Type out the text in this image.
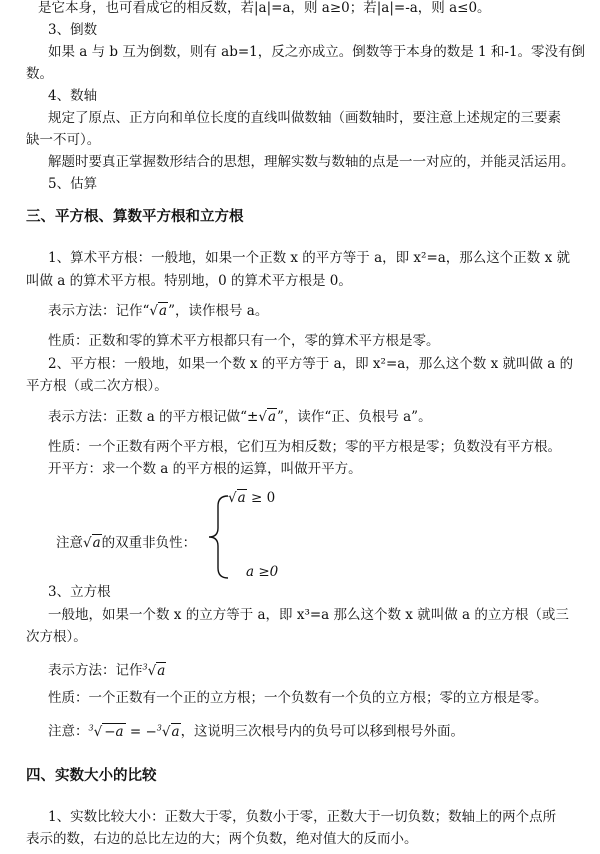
是它本身，也可看成它的相反数，若|a|=a，则 a≥0；若|a|=-a，则 a≤0。
3、倒数
如果 a 与 b 互为倒数，则有 ab=1，反之亦成立。倒数等于本身的数是 1 和-1。零没有倒
数。
4、数轴
规定了原点、正方向和单位长度的直线叫做数轴（画数轴时，要注意上述规定的三要素
缺一不可）。
解题时要真正掌握数形结合的思想，理解实数与数轴的点是一一对应的，并能灵活运用。
5、估算
三、平方根、算数平方根和立方根
1、算术平方根：一般地，如果一个正数 x 的平方等于 a，即 x²=a，那么这个正数 x 就
叫做 a 的算术平方根。特别地，0 的算术平方根是 0。
表示方法：记作“√a”，读作根号 a。
性质：正数和零的算术平方根都只有一个，零的算术平方根是零。
2、平方根：一般地，如果一个数 x 的平方等于 a，即 x²=a，那么这个数 x 就叫做 a 的
平方根（或二次方根）。
表示方法：正数 a 的平方根记做“±√a”，读作“正、负根号 a”。
性质：一个正数有两个平方根，它们互为相反数；零的平方根是零；负数没有平方根。
开平方：求一个数 a 的平方根的运算，叫做开平方。
√a ≥ 0
注意√a的双重非负性：
a ≥0
3、立方根
一般地，如果一个数 x 的立方等于 a，即 x³=a 那么这个数 x 就叫做 a 的立方根（或三
次方根）。
表示方法：记作$^3$√a
性质：一个正数有一个正的立方根；一个负数有一个负的立方根；零的立方根是零。
注意：$^3$√ −a = −$^3$√a，这说明三次根号内的负号可以移到根号外面。
四、实数大小的比较
1、实数比较大小：正数大于零，负数小于零，正数大于一切负数；数轴上的两个点所
表示的数，右边的总比左边的大；两个负数，绝对值大的反而小。
